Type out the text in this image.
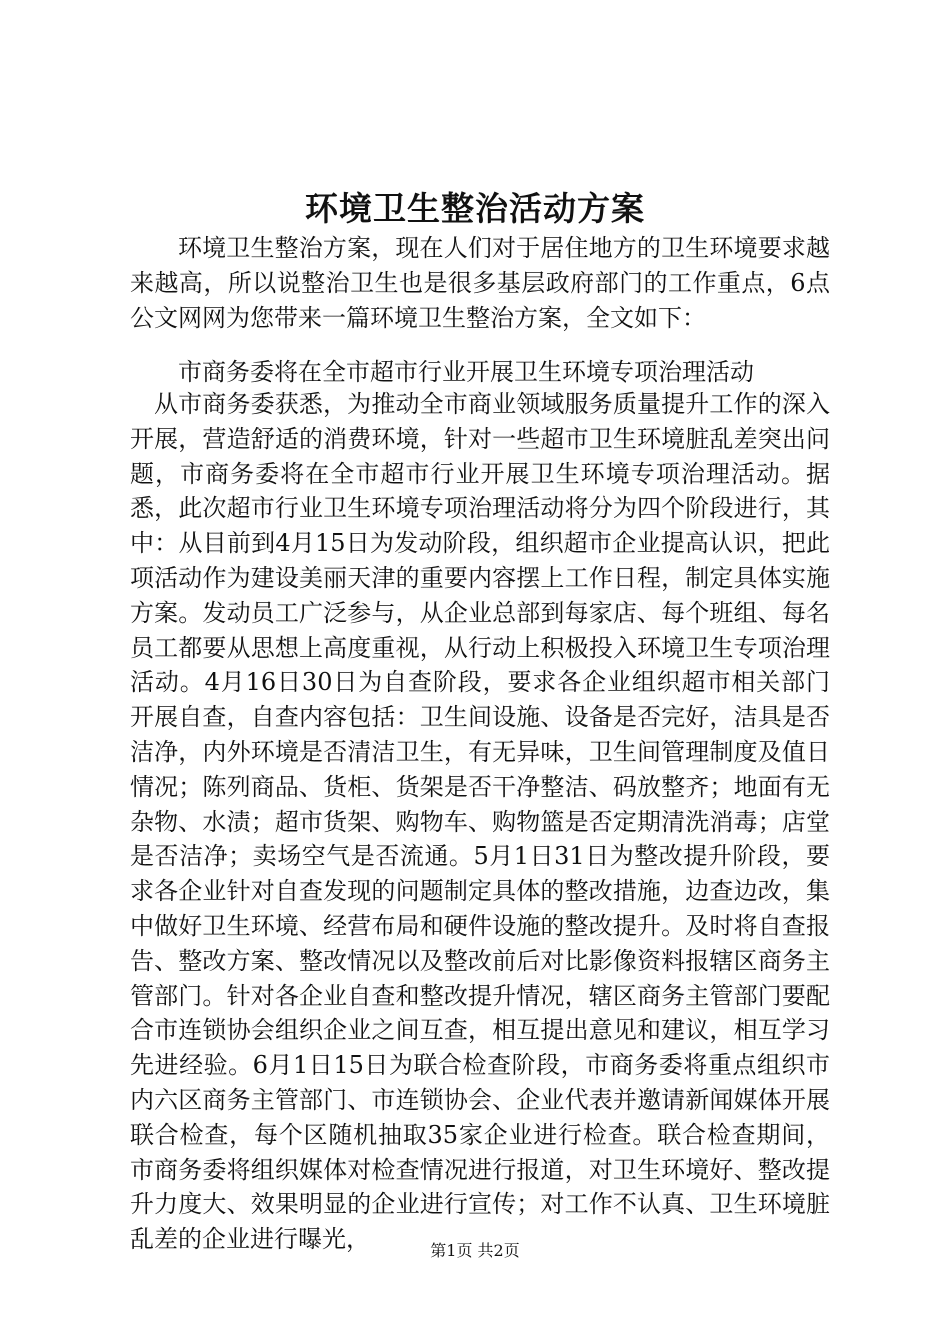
环境卫生整治活动方案

环境卫生整治方案，现在人们对于居住地方的卫生环境要求越来越高，所以说整治卫生也是很多基层政府部门的工作重点，6点公文网网为您带来一篇环境卫生整治方案，全文如下：

市商务委将在全市超市行业开展卫生环境专项治理活动

从市商务委获悉，为推动全市商业领域服务质量提升工作的深入开展，营造舒适的消费环境，针对一些超市卫生环境脏乱差突出问题，市商务委将在全市超市行业开展卫生环境专项治理活动。据悉，此次超市行业卫生环境专项治理活动将分为四个阶段进行，其中：从目前到4月15日为发动阶段，组织超市企业提高认识，把此项活动作为建设美丽天津的重要内容摆上工作日程，制定具体实施方案。发动员工广泛参与，从企业总部到每家店、每个班组、每名员工都要从思想上高度重视，从行动上积极投入环境卫生专项治理活动。4月16日30日为自查阶段，要求各企业组织超市相关部门开展自查，自查内容包括：卫生间设施、设备是否完好，洁具是否洁净，内外环境是否清洁卫生，有无异味，卫生间管理制度及值日情况；陈列商品、货柜、货架是否干净整洁、码放整齐；地面有无杂物、水渍；超市货架、购物车、购物篮是否定期清洗消毒；店堂是否洁净；卖场空气是否流通。5月1日31日为整改提升阶段，要求各企业针对自查发现的问题制定具体的整改措施，边查边改，集中做好卫生环境、经营布局和硬件设施的整改提升。及时将自查报告、整改方案、整改情况以及整改前后对比影像资料报辖区商务主管部门。针对各企业自查和整改提升情况，辖区商务主管部门要配合市连锁协会组织企业之间互查，相互提出意见和建议，相互学习先进经验。6月1日15日为联合检查阶段，市商务委将重点组织市内六区商务主管部门、市连锁协会、企业代表并邀请新闻媒体开展联合检查，每个区随机抽取35家企业进行检查。联合检查期间，市商务委将组织媒体对检查情况进行报道，对卫生环境好、整改提升力度大、效果明显的企业进行宣传；对工作不认真、卫生环境脏乱差的企业进行曝光，	第1页 共2页
